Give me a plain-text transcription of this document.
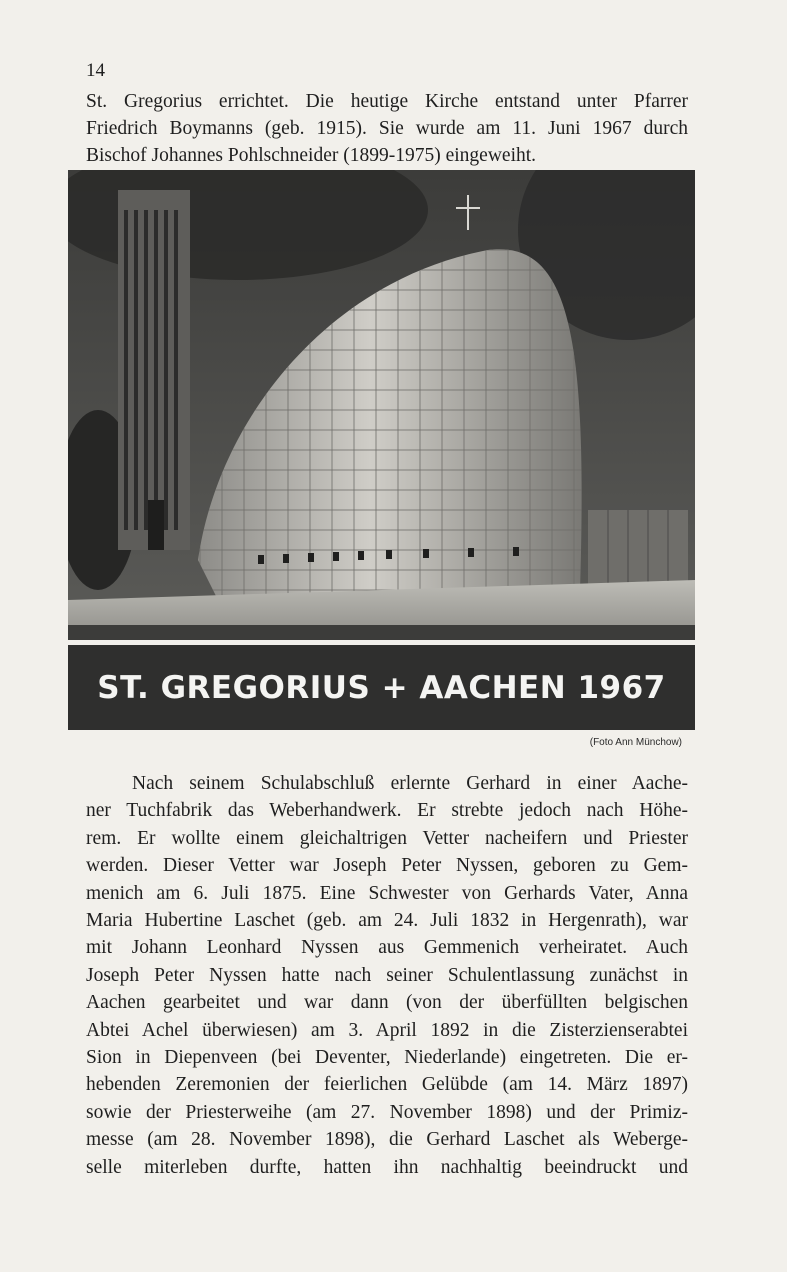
14
St. Gregorius errichtet. Die heutige Kirche entstand unter Pfarrer
Friedrich Boymanns (geb. 1915). Sie wurde am 11. Juni 1967 durch
Bischof Johannes Pohlschneider (1899-1975) eingeweiht.
ST. GREGORIUS + AACHEN 1967
(Foto Ann Münchow)
Nach seinem Schulabschluß erlernte Gerhard in einer Aache-
ner Tuchfabrik das Weberhandwerk. Er strebte jedoch nach Höhe-
rem. Er wollte einem gleichaltrigen Vetter nacheifern und Priester
werden. Dieser Vetter war Joseph Peter Nyssen, geboren zu Gem-
menich am 6. Juli 1875. Eine Schwester von Gerhards Vater, Anna
Maria Hubertine Laschet (geb. am 24. Juli 1832 in Hergenrath), war
mit Johann Leonhard Nyssen aus Gemmenich verheiratet. Auch
Joseph Peter Nyssen hatte nach seiner Schulentlassung zunächst in
Aachen gearbeitet und war dann (von der überfüllten belgischen
Abtei Achel überwiesen) am 3. April 1892 in die Zisterzienserabtei
Sion in Diepenveen (bei Deventer, Niederlande) eingetreten. Die er-
hebenden Zeremonien der feierlichen Gelübde (am 14. März 1897)
sowie der Priesterweihe (am 27. November 1898) und der Primiz-
messe (am 28. November 1898), die Gerhard Laschet als Weberge-
selle miterleben durfte, hatten ihn nachhaltig beeindruckt und
